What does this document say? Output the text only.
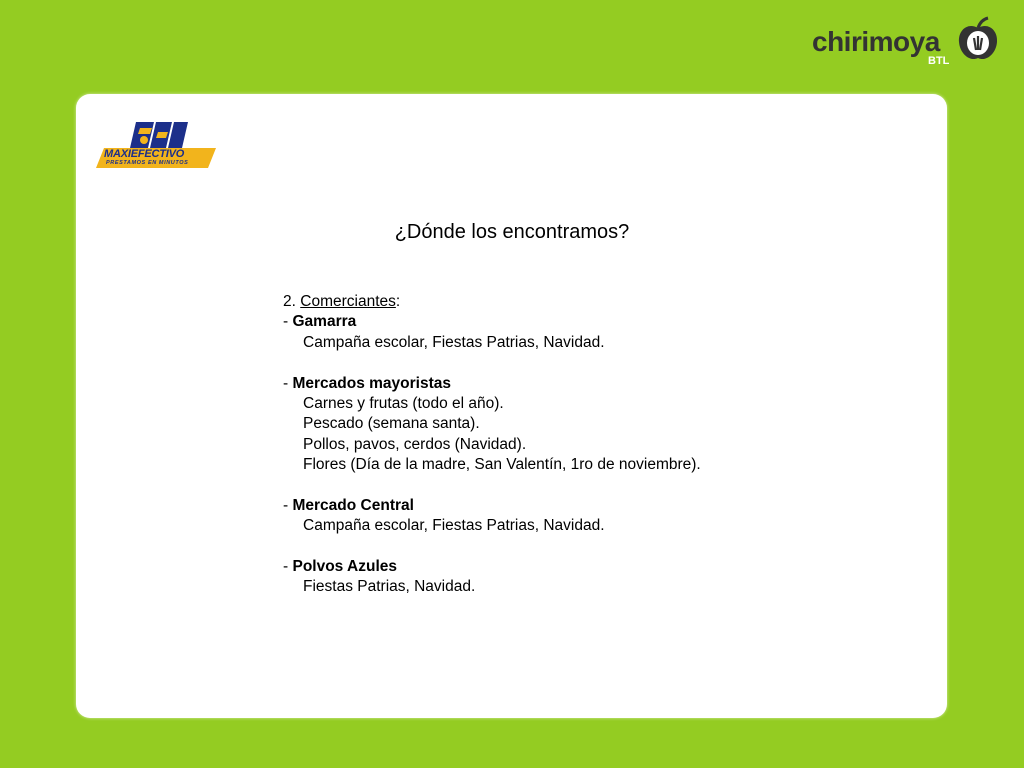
chirimoya
BTL
MAXIEFECTIVO
PRESTAMOS EN MINUTOS
¿Dónde los encontramos?
2. Comerciantes:
- Gamarra
Campaña escolar, Fiestas Patrias, Navidad.
- Mercados mayoristas
Carnes y frutas (todo el año).
Pescado (semana santa).
Pollos, pavos, cerdos (Navidad).
Flores (Día de la madre, San Valentín, 1ro de noviembre).
- Mercado Central
Campaña escolar, Fiestas Patrias, Navidad.
- Polvos Azules
Fiestas Patrias, Navidad.
